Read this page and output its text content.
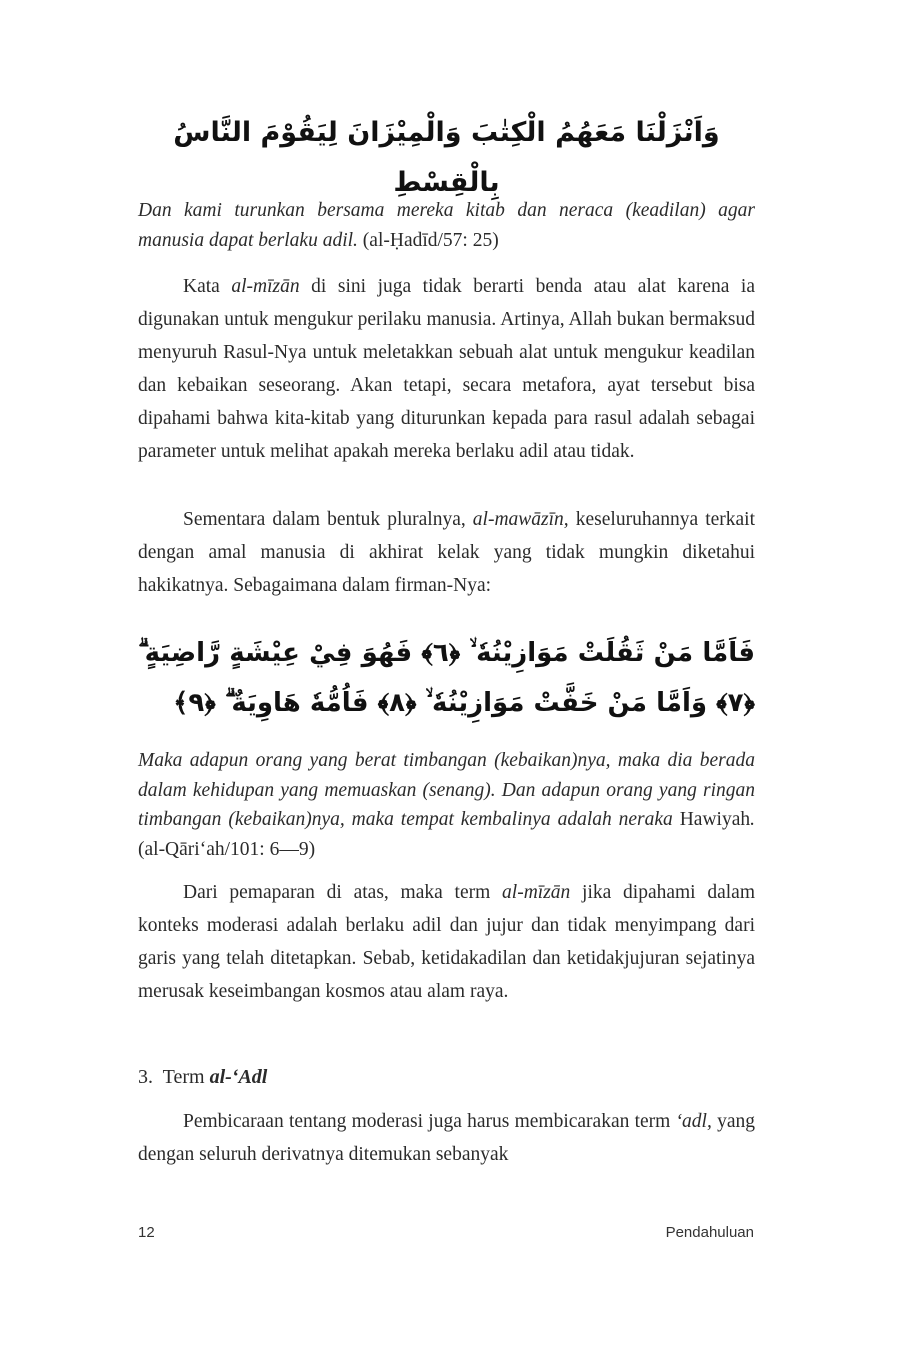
وَاَنْزَلْنَا مَعَهُمُ الْكِتٰبَ وَالْمِيْزَانَ لِيَقُوْمَ النَّاسُ بِالْقِسْطِ

Dan kami turunkan bersama mereka kitab dan neraca (keadilan) agar manusia dapat berlaku adil. (al-Ḥadīd/57: 25)

Kata al-mīzān di sini juga tidak berarti benda atau alat karena ia digunakan untuk mengukur perilaku manusia. Artinya, Allah bukan bermaksud menyuruh Rasul-Nya untuk meletakkan sebuah alat untuk mengukur keadilan dan kebaikan seseorang. Akan tetapi, secara metafora, ayat tersebut bisa dipahami bahwa kita-kitab yang diturunkan kepada para rasul adalah sebagai parameter untuk melihat apakah mereka berlaku adil atau tidak.

Sementara dalam bentuk pluralnya, al-mawāzīn, keseluruhannya terkait dengan amal manusia di akhirat kelak yang tidak mungkin diketahui hakikatnya. Sebagaimana dalam firman-Nya:

فَاَمَّا مَنْ ثَقُلَتْ مَوَازِيْنُهٗ ۙ ﴿٦﴾ فَهُوَ فِيْ عِيْشَةٍ رَّاضِيَةٍ ۗ ﴿٧﴾ وَاَمَّا مَنْ خَفَّتْ مَوَازِيْنُهٗ ۙ ﴿٨﴾ فَاُمُّهٗ هَاوِيَةٌ ۗ ﴿٩﴾

Maka adapun orang yang berat timbangan (kebaikan)nya, maka dia berada dalam kehidupan yang memuaskan (senang). Dan adapun orang yang ringan timbangan (kebaikan)nya, maka tempat kembalinya adalah neraka Hawiyah. (al-Qāri‘ah/101: 6—9)

Dari pemaparan di atas, maka term al-mīzān jika dipahami dalam konteks moderasi adalah berlaku adil dan jujur dan tidak menyimpang dari garis yang telah ditetapkan. Sebab, ketidakadilan dan ketidakjujuran sejatinya merusak keseimbangan kosmos atau alam raya.

3. Term al-‘Adl

Pembicaraan tentang moderasi juga harus membicarakan term ‘adl, yang dengan seluruh derivatnya ditemukan sebanyak

12	Pendahuluan
